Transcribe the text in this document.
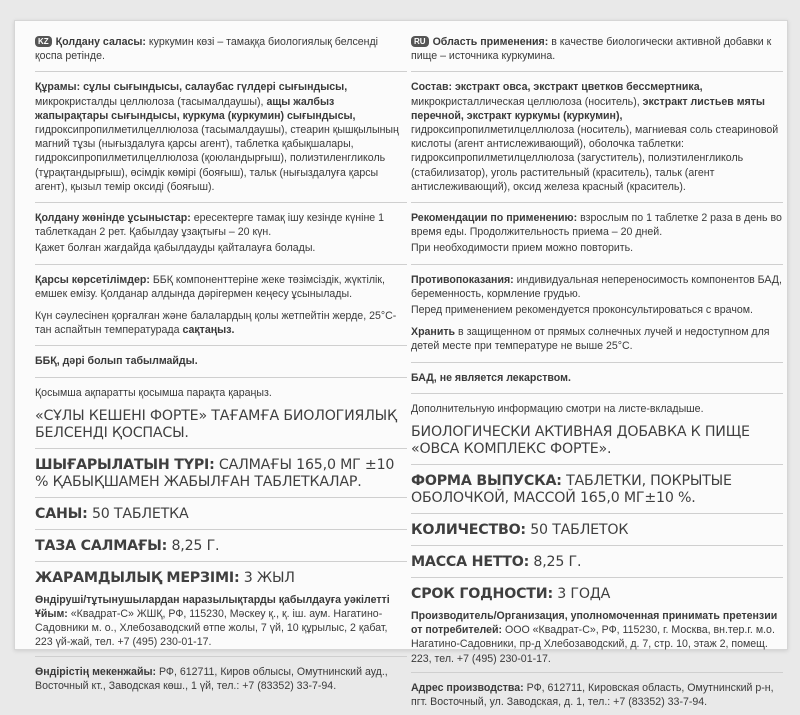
KZ Қолдану саласы: куркумин көзі – тамаққа биологиялық белсенді қоспа ретінде.

Құрамы: сұлы сығындысы, салаубас гүлдері сығындысы, микрокристалды целлюлоза (тасымалдаушы), ащы жалбыз жапырақтары сығындысы, куркума (куркумин) сығындысы, гидроксипропилметилцеллюлоза (тасымалдаушы), стеарин қышқылының магний тұзы (нығыздалуға қарсы агент), таблетка қабықшалары, гидроксипропилметилцеллюлоза (қоюландырғыш), полиэтиленгликоль (тұрақтандырғыш), өсімдік көмірі (бояғыш), тальк (нығыздалуға қарсы агент), қызыл темір оксиді (бояғыш).

Қолдану жөнінде ұсыныстар: ересектерге тамақ ішу кезінде күніне 1 таблеткадан 2 рет. Қабылдау ұзақтығы – 20 күн.

Қажет болған жағдайда қабылдауды қайталауға болады.

Қарсы көрсетілімдер: ББҚ компоненттеріне жеке төзімсіздік, жүктілік, емшек емізу. Қолданар алдында дәрігермен кеңесу ұсынылады.

Күн сәулесінен қорғалған және балалардың қолы жетпейтін жерде, 25°С-тан аспайтын температурада сақтаңыз.

ББҚ, дәрі болып табылмайды.

Қосымша ақпаратты қосымша парақта қараңыз.

«СҰЛЫ КЕШЕНІ ФОРТЕ» ТАҒАМҒА БИОЛОГИЯЛЫҚ БЕЛСЕНДІ ҚОСПАСЫ.

ШЫҒАРЫЛАТЫН ТҮРІ: САЛМАҒЫ 165,0 МГ ±10 % ҚАБЫҚШАМЕН ЖАБЫЛҒАН ТАБЛЕТКАЛАР.

САНЫ: 50 ТАБЛЕТКА

ТАЗА САЛМАҒЫ: 8,25 Г.

ЖАРАМДЫЛЫҚ МЕРЗІМІ: 3 ЖЫЛ

Өндіруші/тұтынушылардан наразылықтарды қабылдауға уәкілетті Ұйым: «Квадрат-С» ЖШҚ, РФ, 115230, Мәскеу қ., қ. іш. аум. Нагатино-Садовники м. о., Хлебозаводский өтпе жолы, 7 үй, 10 құрылыс, 2 қабат, 223 үй-жай, тел. +7 (495) 230-01-17.

Өндірістің мекенжайы: РФ, 612711, Киров облысы, Омутнинский ауд., Восточный кт., Заводская көш., 1 үй, тел.: +7 (83352) 33-7-94.

RU Область применения: в качестве биологически активной добавки к пище – источника куркумина.

Состав: экстракт овса, экстракт цветков бессмертника, микрокристаллическая целлюлоза (носитель), экстракт листьев мяты перечной, экстракт куркумы (куркумин), гидроксипропилметилцеллюлоза (носитель), магниевая соль стеариновой кислоты (агент антислеживающий), оболочка таблетки: гидроксипропилметилцеллюлоза (загуститель), полиэтиленгликоль (стабилизатор), уголь растительный (краситель), тальк (агент антислеживающий), оксид железа красный (краситель).

Рекомендации по применению: взрослым по 1 таблетке 2 раза в день во время еды. Продолжительность приема – 20 дней.

При необходимости прием можно повторить.

Противопоказания: индивидуальная непереносимость компонентов БАД, беременность, кормление грудью.

Перед применением рекомендуется проконсультироваться с врачом.

Хранить в защищенном от прямых солнечных лучей и недоступном для детей месте при температуре не выше 25°С.

БАД, не является лекарством.

Дополнительную информацию смотри на листе-вкладыше.

БИОЛОГИЧЕСКИ АКТИВНАЯ ДОБАВКА К ПИЩЕ «ОВСА КОМПЛЕКС ФОРТЕ».

ФОРМА ВЫПУСКА: ТАБЛЕТКИ, ПОКРЫТЫЕ ОБОЛОЧКОЙ, МАССОЙ 165,0 МГ±10 %.

КОЛИЧЕСТВО: 50 ТАБЛЕТОК

МАССА НЕТТО: 8,25 Г.

СРОК ГОДНОСТИ: 3 ГОДА

Производитель/Организация, уполномоченная принимать претензии от потребителей: ООО «Квадрат-С», РФ, 115230, г. Москва, вн.тер.г. м.о. Нагатино-Садовники, пр-д Хлебозаводский, д. 7, стр. 10, этаж 2, помещ. 223, тел. +7 (495) 230-01-17.

Адрес производства: РФ, 612711, Кировская область, Омутнинский р-н, пгт. Восточный, ул. Заводская, д. 1, тел.: +7 (83352) 33-7-94.
